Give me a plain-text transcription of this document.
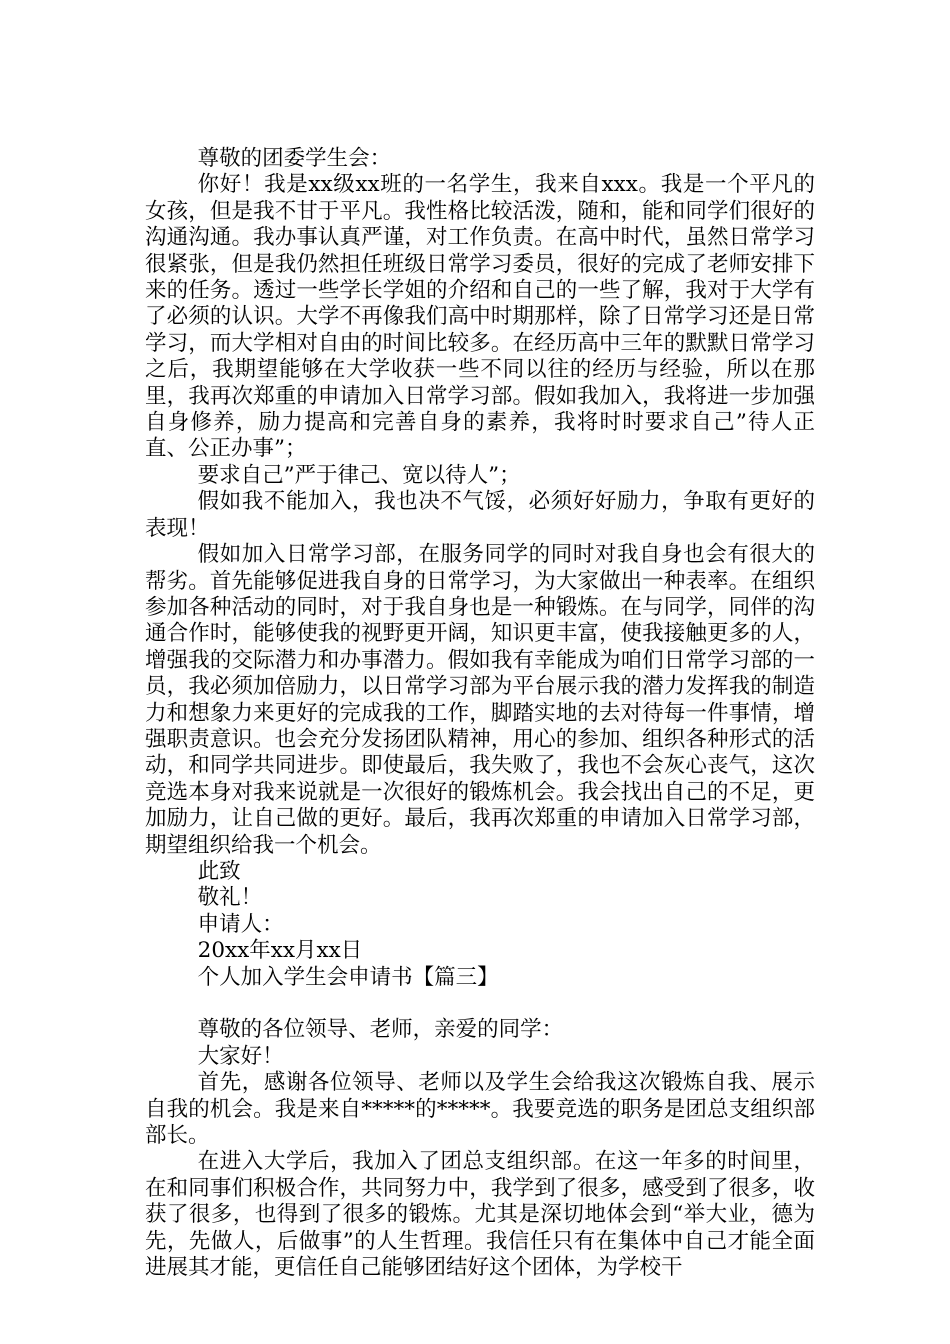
尊敬的团委学生会：

你好！我是xx级xx班的一名学生，我来自xxx。我是一个平凡的女孩，但是我不甘于平凡。我性格比较活泼，随和，能和同学们很好的沟通沟通。我办事认真严谨，对工作负责。在高中时代，虽然日常学习很紧张，但是我仍然担任班级日常学习委员，很好的完成了老师安排下来的任务。透过一些学长学姐的介绍和自己的一些了解，我对于大学有了必须的认识。大学不再像我们高中时期那样，除了日常学习还是日常学习，而大学相对自由的时间比较多。在经历高中三年的默默日常学习之后，我期望能够在大学收获一些不同以往的经历与经验，所以在那里，我再次郑重的申请加入日常学习部。假如我加入，我将进一步加强自身修养，励力提高和完善自身的素养，我将时时要求自己”待人正直、公正办事”；

要求自己”严于律己、宽以待人”；

假如我不能加入，我也决不气馁，必须好好励力，争取有更好的表现！

假如加入日常学习部，在服务同学的同时对我自身也会有很大的帮劣。首先能够促进我自身的日常学习，为大家做出一种表率。在组织参加各种活动的同时，对于我自身也是一种锻炼。在与同学，同伴的沟通合作时，能够使我的视野更开阔，知识更丰富，使我接触更多的人，增强我的交际潜力和办事潜力。假如我有幸能成为咱们日常学习部的一员，我必须加倍励力，以日常学习部为平台展示我的潜力发挥我的制造力和想象力来更好的完成我的工作，脚踏实地的去对待每一件事情，增强职责意识。也会充分发扬团队精神，用心的参加、组织各种形式的活动，和同学共同进步。即使最后，我失败了，我也不会灰心丧气，这次竞选本身对我来说就是一次很好的锻炼机会。我会找出自己的不足，更加励力，让自己做的更好。最后，我再次郑重的申请加入日常学习部，期望组织给我一个机会。

此致

敬礼！

申请人：

20xx年xx月xx日

个人加入学生会申请书【篇三】

尊敬的各位领导、老师，亲爱的同学：

大家好！

首先，感谢各位领导、老师以及学生会给我这次锻炼自我、展示自我的机会。我是来自*****的*****。我要竞选的职务是团总支组织部部长。

在进入大学后，我加入了团总支组织部。在这一年多的时间里，在和同事们积极合作，共同努力中，我学到了很多，感受到了很多，收获了很多，也得到了很多的锻炼。尤其是深切地体会到“举大业，德为先，先做人，后做事”的人生哲理。我信任只有在集体中自己才能全面进展其才能，更信任自己能够团结好这个团体，为学校干
